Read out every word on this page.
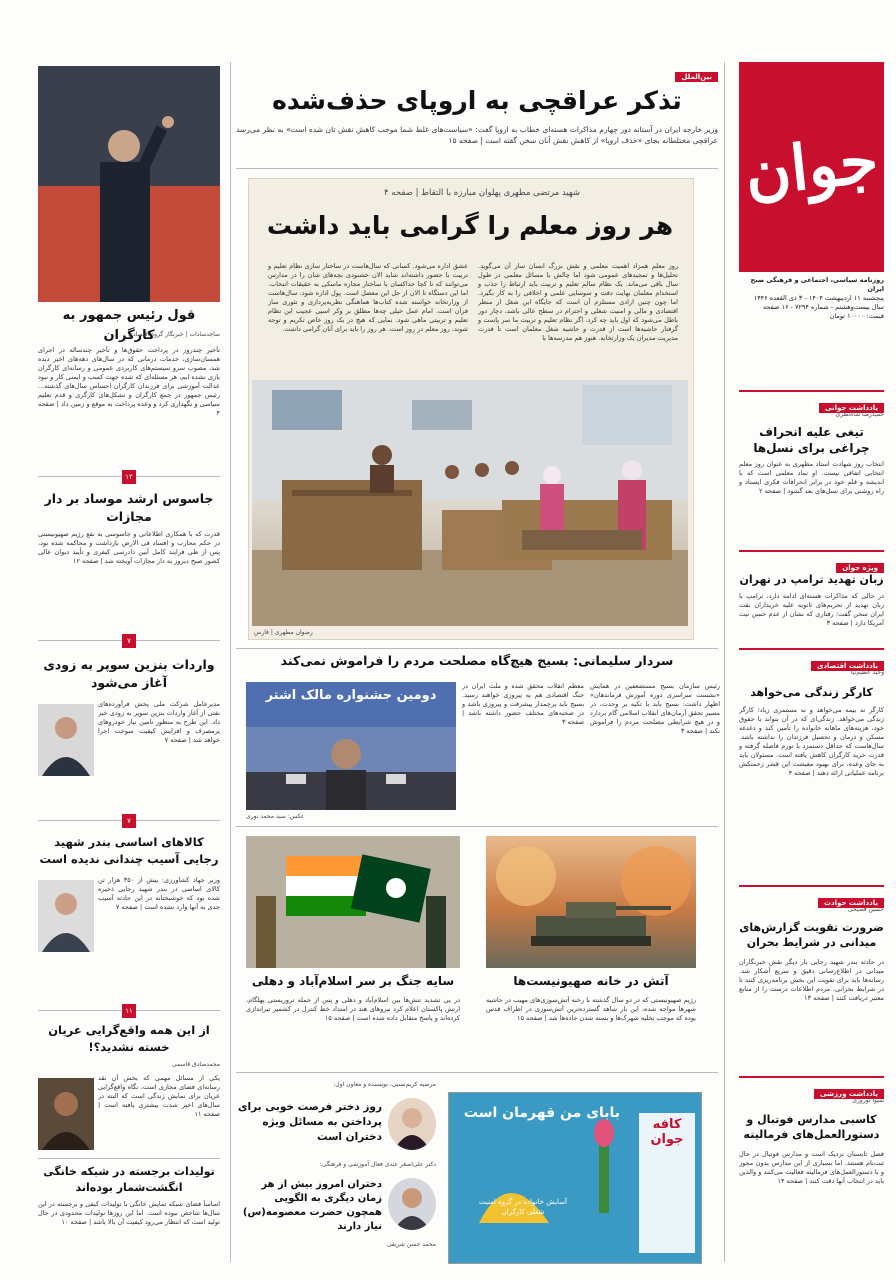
جوان
روزنامه سیاسی، اجتماعی و فرهنگی صبح ایران
پنجشنبه ۱۱ اردیبهشت ۱۴۰۴ - ۳ ذی القعده ۱۴۴۶
سال بیست‌وهشتم - شماره ۷۲۹۴ - ۱۶ صفحه
قیمت: ۱۰۰۰۰ تومان
یادداشت جوانی
حمیدرضا شاه‌نظری
تیغی علیه انحراف چراغی برای نسل‌ها
انتخاب روز شهادت استاد مطهری به عنوان روز معلم انتخابی اتفاقی نیست. او نماد معلمی است که با اندیشه و قلم خود در برابر انحرافات فکری ایستاد و راه روشنی برای نسل‌های بعد گشود | صفحه ۲
ویژه جوان
زبان تهدید ترامپ در تهران
در حالی که مذاکرات هسته‌ای ادامه دارد، ترامپ با زبان تهدید از تحریم‌های ثانویه علیه خریداران نفت ایران سخن گفت؛ رفتاری که نشان از عدم حسن نیت آمریکا دارد | صفحه ۳
یادداشت اقتصادی
وحید عظیم‌نیا
کارگر زندگی می‌خواهد
کارگر نه بیمه می‌خواهد و نه مستمری زیاد؛ کارگر زندگی می‌خواهد. زندگی‌ای که در آن بتواند با حقوق خود، هزینه‌های ماهانه خانواده را تأمین کند و دغدغه مسکن و درمان و تحصیل فرزندان را نداشته باشد. سال‌هاست که حداقل دستمزد با تورم فاصله گرفته و قدرت خرید کارگران کاهش یافته است. مسئولان باید به جای وعده، برای بهبود معیشت این قشر زحمتکش برنامه عملیاتی ارائه دهند | صفحه ۴
یادداشت حوادث
حسین فصیحی
ضرورت تقویت گزارش‌های میدانی در شرایط بحران
در حادثه بندر شهید رجایی بار دیگر نقش خبرنگاران میدانی در اطلاع‌رسانی دقیق و سریع آشکار شد. رسانه‌ها باید برای تقویت این بخش برنامه‌ریزی کنند تا در شرایط بحرانی، مردم اطلاعات درست را از منابع معتبر دریافت کنند | صفحه ۱۳
یادداشت ورزشی
شیوا نوروزی
کاسبی مدارس فوتبال و دستورالعمل‌های فرمالیته
فصل تابستان نزدیک است و مدارس فوتبال در حال ثبت‌نام هستند. اما بسیاری از این مدارس بدون مجوز و با دستورالعمل‌های فرمالیته فعالیت می‌کنند و والدین باید در انتخاب آنها دقت کنند | صفحه ۱۴
بین‌الملل
تذکر عراقچی به اروپای حذف‌شده
وزیر خارجه ایران در آستانه دور چهارم مذاکرات هسته‌ای خطاب به اروپا گفت: «سیاست‌های غلط شما موجب کاهش نقش تان شده است» به نظر می‌رسد عراقچی مختلطانه بجای «حذف اروپا» از کاهش نقش آنان سخن گفته است | صفحه ۱۵
شهید مرتضی مطهری پهلوان مبارزه با التقاط | صفحه ۴
هر روز معلم را گرامی باید داشت
روز معلم همزاد اهمیت معلمی و نقش بزرگ انسان ساز آن می‌گوید. تحلیل‌ها و تمجیدهای عمومی شود اما چالش یا مسائل معلمی در طول سال باقی می‌ماند. یک نظام سالم تعلیم و تربیت باید ارتباط را جذب و استخدام معلمان نهایت دقت و سوسایی علمی و اخلاقی را به کار بگیرد. اما چون چنین ارادی مستلزم آن است که جایگاه این شغل از منظر اقتصادی و مالی و امنیت شغلی و احترام در سطح عالی باشد، دچار دور باطل می‌شود که اول باید چه کرد. اگر نظام تعلیم و تربیت ما سر پاست و گرفتار حاشیه‌ها است از قدرت و حاشیه شغل معلمان است تا قدرت مدیریت مدیران یک وزارتخانه. هنوز هم مدرسه‌ها با
عشق اداره می‌شود. کسانی که سال‌هاست در ساختار سازی نظام تعلیم و تربیت با حضور داشته‌اند شاید الان خشنودی بچه‌های شان را در مدارس می‌توانند که تا کجا خداکسان با ساختار مجازه ماسکی به حقیقات انتخاب. اما این دستگاه تا الان از حل این معضل است. پول اداره شود. سال‌هاست از وزارتخانه خواسته شده کتاب‌ها هماهنگی نظریه‌پردازی و تئوری ساز قرآن است. امام عمل خیلی چه‌ها مطلق بر وکر اسپی عجیب این نظام تعلیم و تربیتی ماهی شود. نمایی که هیچ در یک روز خاص تکریم و توجه شوند، روز معلم در روز است. هر روز را باید برای آنان گرامی داشت.
رضوان مطهری | فارس
سردار سلیمانی: بسیج هیچ‌گاه مصلحت مردم را فراموش نمی‌کند
رئیس سازمان بسیج مستضعفین در همایش «نشست سراسری دوره آموزش فرماندهان» اظهار داشت: بسیج باید با تکیه بر وحدت، در مسیر تحقق آرمان‌های انقلاب اسلامی گام بردارد و در هیچ شرایطی مصلحت مردم را فراموش نکند | صفحه ۳
معظم انقلاب محقق شده و ملت ایران در جنگ اقتصادی هم به پیروزی خواهند رسید. بسیج باید پرچمدار پیشرفت و پیروزی باشد و در صحنه‌های مختلف حضور داشته باشد | صفحه ۳
دومین جشنواره مالک اشتر
عکس: سید محمد نوری
آتش در خانه صهیونیست‌ها
سایه جنگ بر سر اسلام‌آباد و دهلی
رژیم صهیونیستی که در دو سال گذشته با رخنه آتش‌سوزی‌های مهیب در حاشیه شهرها مواجه شده، این بار شاهد گسترده‌ترین آتش‌سوزی در اطراف قدس بوده که موجب تخلیه شهرک‌ها و بسته شدن جاده‌ها شد | صفحه ۱۵
در پی تشدید تنش‌ها بین اسلام‌آباد و دهلی و پس از حمله تروریستی پهلگام، ارتش پاکستان اعلام کرد نیروهای هند در امتداد خط کنترل در کشمیر تیراندازی کرده‌اند و پاسخ متقابل داده شده است | صفحه ۱۵
مرضیه کریم‌نسبی، نویسنده و معاون اول:
روز دختر فرصت خوبی برای پرداختن به مسائل ویژه دختران است
دکتر علی‌اصغر عبدی فعال آموزشی و فرهنگی:
دختران امروز بیش از هر زمان دیگری به الگویی همچون حضرت معصومه(س) نیاز دارند
محمد حسن شریفی
کافه جوان
بابای من قهرمان است
آسایش خانواده در گروه امنیت شغلی کارگران
قول رئیس جمهور به کارگران
ساجدسادات | خبرنگار گروه اقتصادی
تأخیر چندروز در پرداخت حقوق‌ها و تأخیر چندساله در اجرای همسان‌سازی، خدمات درمانی که در سال‌های دهه‌های اخیر دیده شد، مصوب سرو سیستم‌های کاربردی عمومی و رسانه‌ای کارگران بازی نشده ایم، هر مسئله‌ای که شده جهت کسب و ایمنی کار و نبود عدالت آموزشی برای فرزندان کارگران احساس سال‌های گذشته... رئیس جمهور در جمع کارگران و تشکل‌های کارگری و قدم تعلیم سیاسی و نگهداری کرد و وعده پرداخت به موقع و زمین داد | صفحه ۴
۱۲
جاسوس ارشد موساد بر دار مجازات
قدرت که با همکاری اطلاعاتی و جاسوسی به نفع رژیم صهیونیستی در حکم محارب و افساد فی الارض بازداشت و محاکمه شده بود، پس از طی فرایند کامل آیین دادرسی کیفری و تأیید دیوان عالی کشور صبح دیروز به دار مجازات آویخته شد | صفحه ۱۲
۷
واردات بنزین سوپر به زودی آغاز می‌شود
مدیرعامل شرکت ملی پخش فرآورده‌های نفتی از آغاز واردات بنزین سوپر به زودی خبر داد. این طرح به منظور تامین نیاز خودروهای پرمصرف و افزایش کیفیت سوخت اجرا خواهد شد | صفحه ۷
۷
کالاهای اساسی بندر شهید رجایی آسیب چندانی ندیده است
وزیر جهاد کشاورزی: بیش از ۳۵۰ هزار تن کالای اساسی در بندر شهید رجایی ذخیره شده بود که خوشبختانه در این حادثه آسیب جدی به آنها وارد نشده است | صفحه ۷
۱۱
از این همه واقع‌گرایی عریان خسته نشدید؟!
محمدصادق قاسمی
یکی از مسائل مهمی که بخش آن نقد رسانه‌ای فضای مجازی است، نگاه واقع‌گرایی عریان برای نمایش زندگی است که البته در سال‌های اخیر شدت بیشتری یافته است | صفحه ۱۱
تولیدات برجسته در شبکه خانگی انگشت‌شمار بوده‌اند
اساساً فضای شبکه نمایش خانگی با تولیدات کیفی و برجسته در این سال‌ها شاخص نبوده است. اما این روزها تولیدات محدودی در حال تولید است که انتظار می‌رود کیفیت آن بالا باشد | صفحه ۱۰
